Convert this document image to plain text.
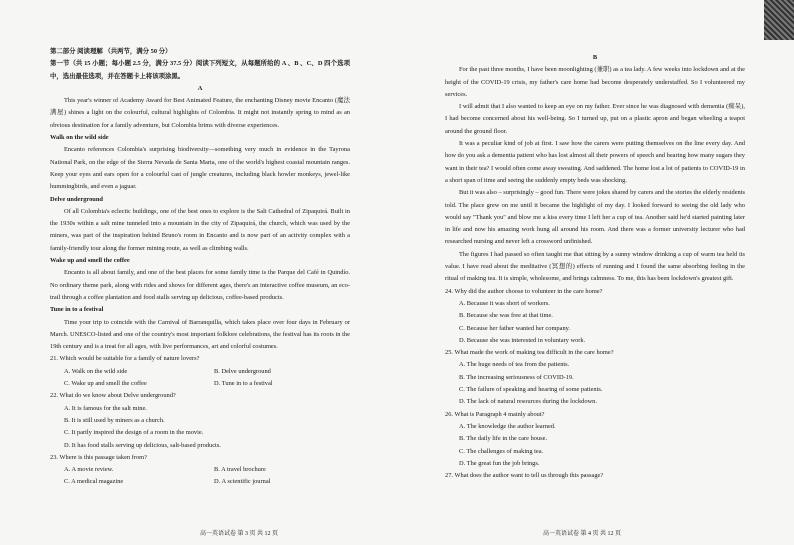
第二部分 阅读理解 （共两节，满分 50 分）

第一节（共 15 小题；每小题 2.5 分，满分 37.5 分）阅读下列短文，从每题所给的 A 、B 、C、D 四个选项中，选出最佳选项，并在答题卡上将该项涂黑。

A

This year's winner of Academy Award for Best Animated Feature, the enchanting Disney movie Encanto (魔法满屋) shines a light on the colourful, cultural highlights of Colombia. It might not instantly spring to mind as an obvious destination for a family adventure, but Colombia brims with diverse experiences.

Walk on the wild side

Encanto references Colombia's surprising biodiversity—something very much in evidence in the Tayrona National Park, on the edge of the Sierra Nevada de Santa Marta, one of the world's highest coastal mountain ranges. Keep your eyes and ears open for a colourful cast of jungle creatures, including black howler monkeys, jewel-like hummingbirds, and even a jaguar.

Delve underground

Of all Colombia's eclectic buildings, one of the best ones to explore is the Salt Cathedral of Zipaquirá. Built in the 1930s within a salt mine tunneled into a mountain in the city of Zipaquirá, the church, which was used by the miners, was part of the inspiration behind Bruno's room in Encanto and is now part of an activity complex with a family-friendly tour along the former mining route, as well as climbing walls.

Wake up and smell the coffee

Encanto is all about family, and one of the best places for some family time is the Parque del Café in Quindío. No ordinary theme park, along with rides and shows for different ages, there's an interactive coffee museum, an eco-trail through a coffee plantation and food stalls serving up delicious, coffee-based products.

Tune in to a festival

Time your trip to coincide with the Carnival of Barranquilla, which takes place over four days in February or March. UNESCO-listed and one of the country's most important folklore celebrations, the festival has its roots in the 19th century and is a treat for all ages, with live performances, art and colorful costumes.

21. Which would be suitable for a family of nature lovers?

A. Walk on the wild side	B. Delve underground
C. Wake up and smell the coffee	D. Tune in to a festival

22. What do we know about Delve underground?

A. It is famous for the salt mine.

B. It is still used by miners as a church.

C. It partly inspired the design of a room in the movie.

D. It has food stalls serving up delicious, salt-based products.

23. Where is this passage taken from?

A. A movie review.	B. A travel brochure
C. A medical magazine	D. A scientific journal

B

For the past three months, I have been moonlighting (兼职) as a tea lady. A few weeks into lockdown and at the height of the COVID-19 crisis, my father's care home had become desperately understaffed. So I volunteered my services.

I will admit that I also wanted to keep an eye on my father. Ever since he was diagnosed with dementia (痴呆), I had become concerned about his well-being. So I turned up, put on a plastic apron and began wheeling a teapot around the ground floor.

It was a peculiar kind of job at first. I saw how the carers were putting themselves on the line every day. And how do you ask a dementia patient who has lost almost all their powers of speech and hearing how many sugars they want in their tea? I would often come away sweating. And saddened. The home lost a lot of patients to COVID-19 in a short span of time and seeing the suddenly empty beds was shocking.

But it was also – surprisingly – good fun. There were jokes shared by carers and the stories the elderly residents told. The place grew on me until it became the highlight of my day. I looked forward to seeing the old lady who would say "Thank you" and blow me a kiss every time I left her a cup of tea. Another said he'd started painting later in life and now his amazing work hung all around his room. And there was a former university lecturer who had researched nursing and never left a crossword unfinished.

The figures I had passed so often taught me that sitting by a sunny window drinking a cup of warm tea held its value. I have read about the meditative (冥想的) effects of running and I found the same absorbing feeling in the ritual of making tea. It is simple, wholesome, and brings calmness. To me, this has been lockdown's greatest gift.

24. Why did the author choose to volunteer in the care home?

A. Because it was short of workers.

B. Because she was free at that time.

C. Because her father wanted her company.

D. Because she was interested in voluntary work.

25. What made the work of making tea difficult in the care home?

A. The huge needs of tea from the patients.

B. The increasing seriousness of COVID-19.

C. The failure of speaking and hearing of some patients.

D. The lack of natural resources during the lockdown.

26. What is Paragraph 4 mainly about?

A. The knowledge the author learned.

B. The daily life in the care house.

C. The challenges of making tea.

D. The great fun the job brings.

27. What does the author want to tell us through this passage?

高一英语试卷 第 3 页 共 12 页	高一英语试卷 第 4 页 共 12 页
